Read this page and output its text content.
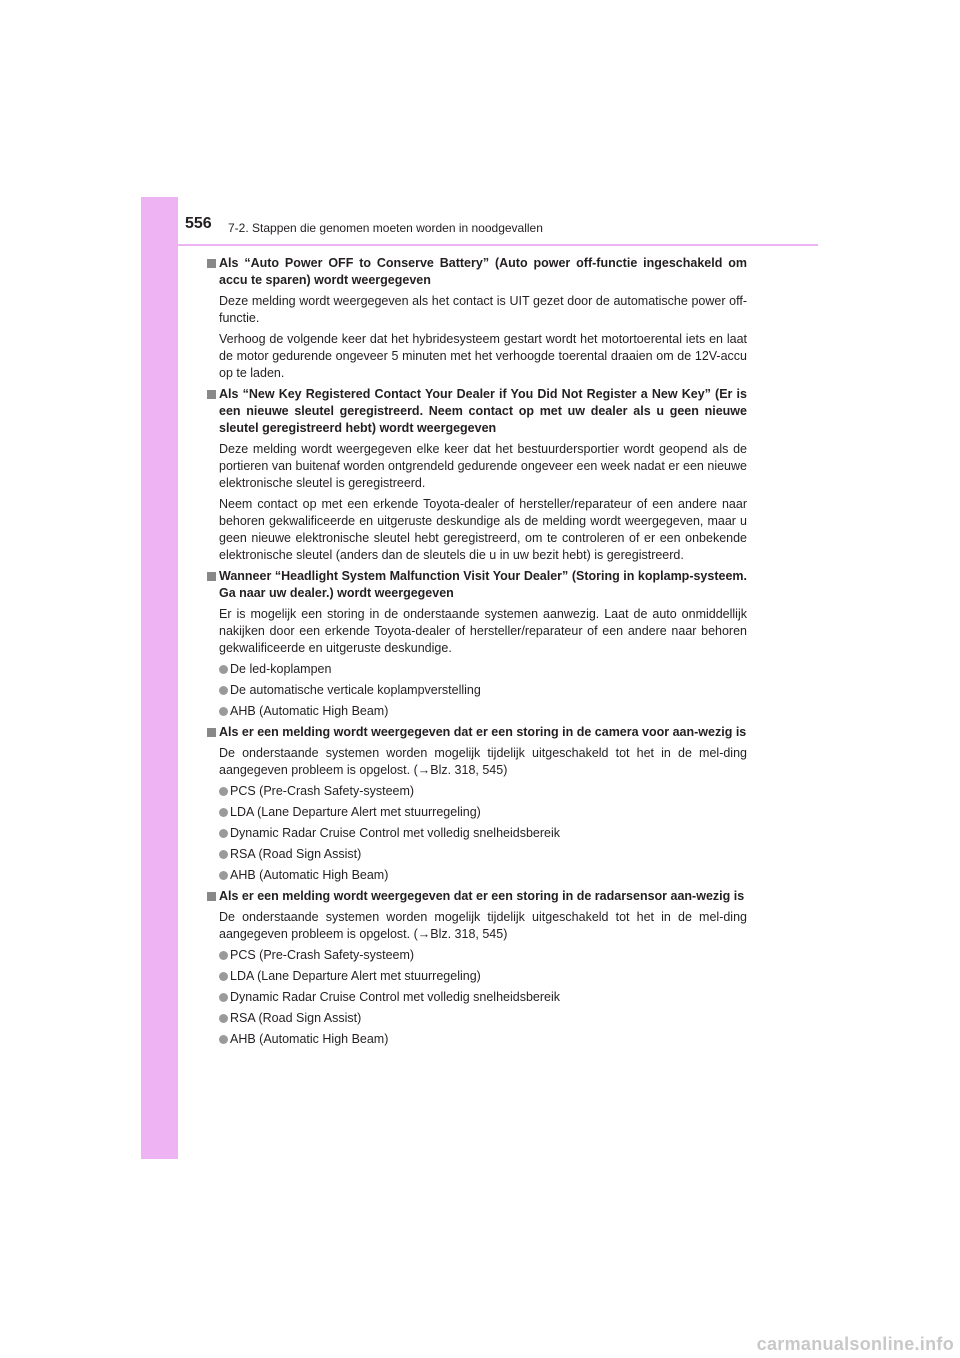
556 7-2. Stappen die genomen moeten worden in noodgevallen
Als “Auto Power OFF to Conserve Battery” (Auto power off-functie ingeschakeld om accu te sparen) wordt weergegeven
Deze melding wordt weergegeven als het contact is UIT gezet door de automatische power off-functie.
Verhoog de volgende keer dat het hybridesysteem gestart wordt het motortoerental iets en laat de motor gedurende ongeveer 5 minuten met het verhoogde toerental draaien om de 12V-accu op te laden.
Als “New Key Registered Contact Your Dealer if You Did Not Register a New Key” (Er is een nieuwe sleutel geregistreerd. Neem contact op met uw dealer als u geen nieuwe sleutel geregistreerd hebt) wordt weergegeven
Deze melding wordt weergegeven elke keer dat het bestuurdersportier wordt geopend als de portieren van buitenaf worden ontgrendeld gedurende ongeveer een week nadat er een nieuwe elektronische sleutel is geregistreerd.
Neem contact op met een erkende Toyota-dealer of hersteller/reparateur of een andere naar behoren gekwalificeerde en uitgeruste deskundige als de melding wordt weergegeven, maar u geen nieuwe elektronische sleutel hebt geregistreerd, om te controleren of er een onbekende elektronische sleutel (anders dan de sleutels die u in uw bezit hebt) is geregistreerd.
Wanneer “Headlight System Malfunction Visit Your Dealer” (Storing in koplamp-systeem. Ga naar uw dealer.) wordt weergegeven
Er is mogelijk een storing in de onderstaande systemen aanwezig. Laat de auto onmiddellijk nakijken door een erkende Toyota-dealer of hersteller/reparateur of een andere naar behoren gekwalificeerde en uitgeruste deskundige.
De led-koplampen
De automatische verticale koplampverstelling
AHB (Automatic High Beam)
Als er een melding wordt weergegeven dat er een storing in de camera voor aan-wezig is
De onderstaande systemen worden mogelijk tijdelijk uitgeschakeld tot het in de mel-ding aangegeven probleem is opgelost. (→Blz. 318, 545)
PCS (Pre-Crash Safety-systeem)
LDA (Lane Departure Alert met stuurregeling)
Dynamic Radar Cruise Control met volledig snelheidsbereik
RSA (Road Sign Assist)
AHB (Automatic High Beam)
Als er een melding wordt weergegeven dat er een storing in de radarsensor aan-wezig is
De onderstaande systemen worden mogelijk tijdelijk uitgeschakeld tot het in de mel-ding aangegeven probleem is opgelost. (→Blz. 318, 545)
PCS (Pre-Crash Safety-systeem)
LDA (Lane Departure Alert met stuurregeling)
Dynamic Radar Cruise Control met volledig snelheidsbereik
RSA (Road Sign Assist)
AHB (Automatic High Beam)
carmanualsonline.info
